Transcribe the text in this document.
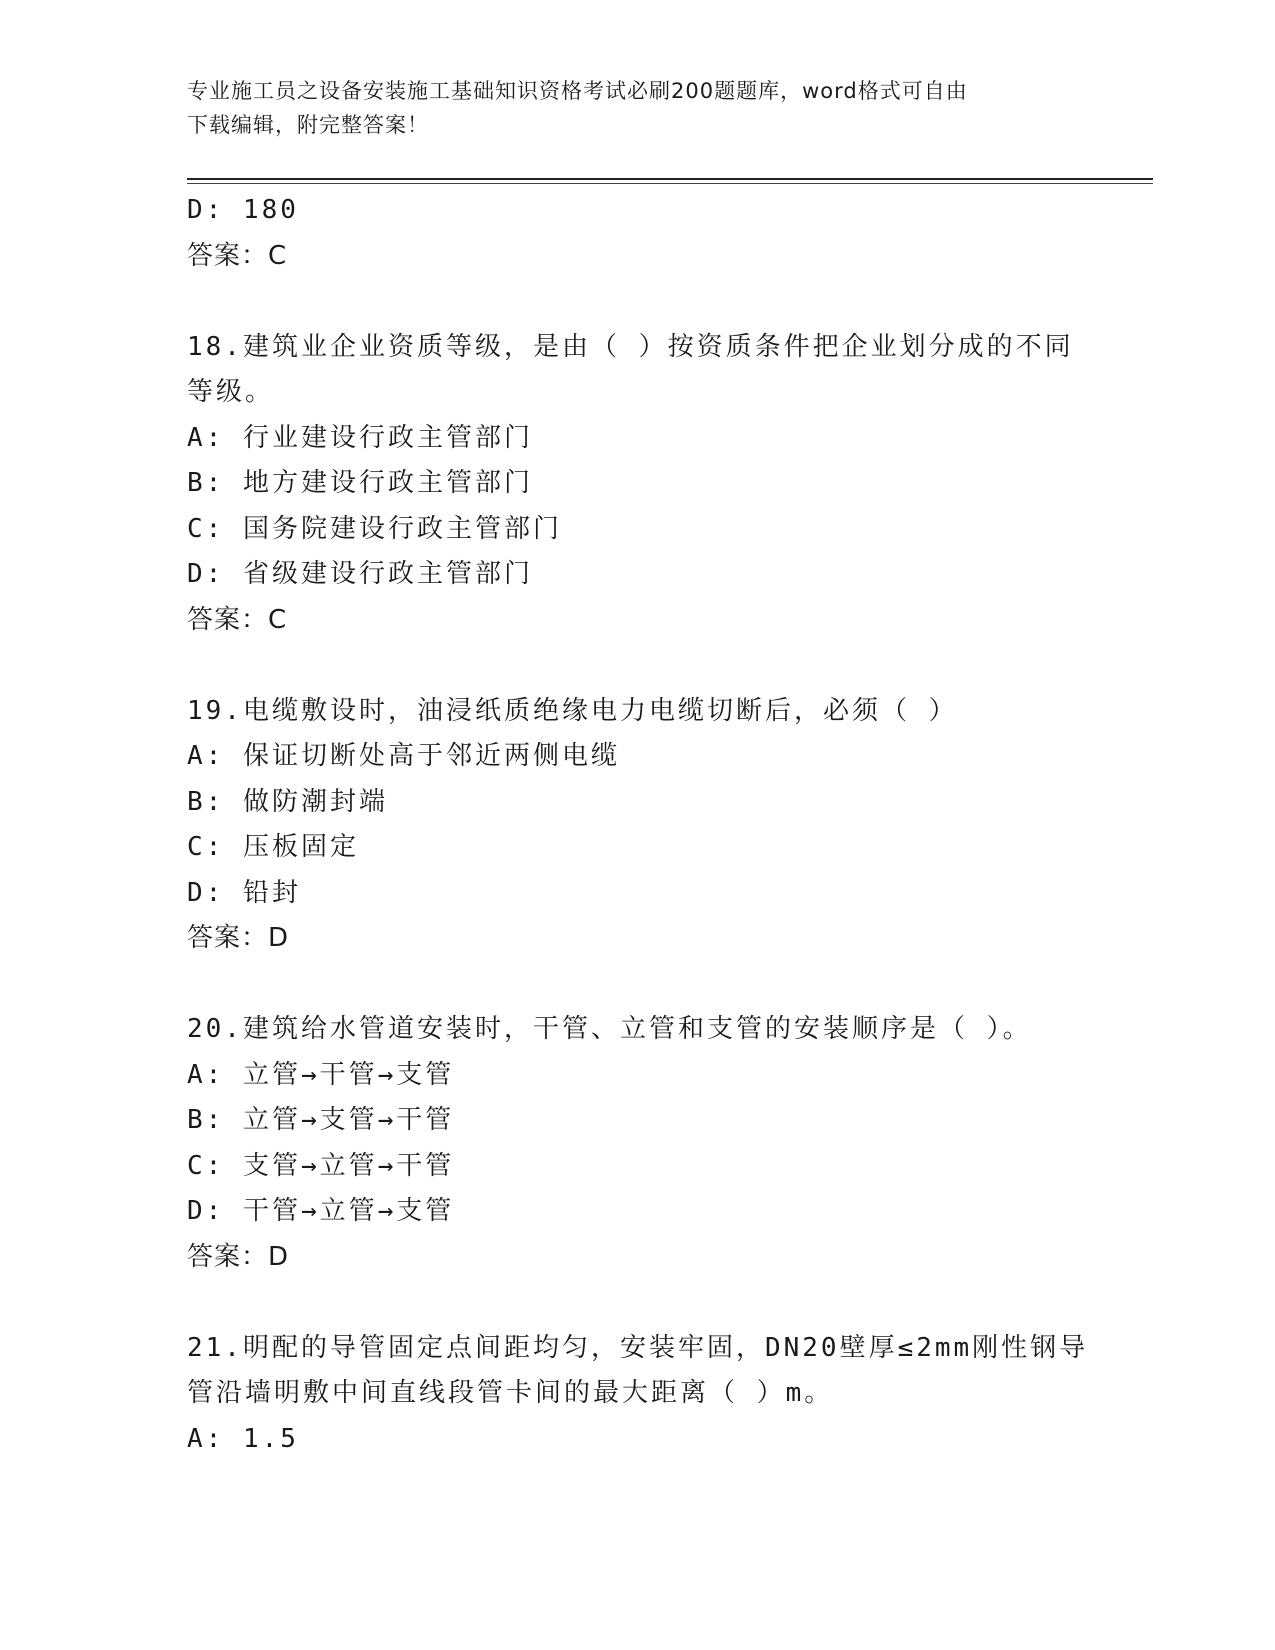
专业施工员之设备安装施工基础知识资格考试必刷200题题库，word格式可自由
下载编辑，附完整答案！
D: 180
答案：C
18.建筑业企业资质等级，是由（ ）按资质条件把企业划分成的不同
等级。
A: 行业建设行政主管部门
B: 地方建设行政主管部门
C: 国务院建设行政主管部门
D: 省级建设行政主管部门
答案：C
19.电缆敷设时，油浸纸质绝缘电力电缆切断后，必须（ ）
A: 保证切断处高于邻近两侧电缆
B: 做防潮封端
C: 压板固定
D: 铅封
答案：D
20.建筑给水管道安装时，干管、立管和支管的安装顺序是（ ）。
A: 立管→干管→支管
B: 立管→支管→干管
C: 支管→立管→干管
D: 干管→立管→支管
答案：D
21.明配的导管固定点间距均匀，安装牢固，DN20壁厚≤2mm刚性钢导
管沿墙明敷中间直线段管卡间的最大距离（ ）m。
A: 1.5
